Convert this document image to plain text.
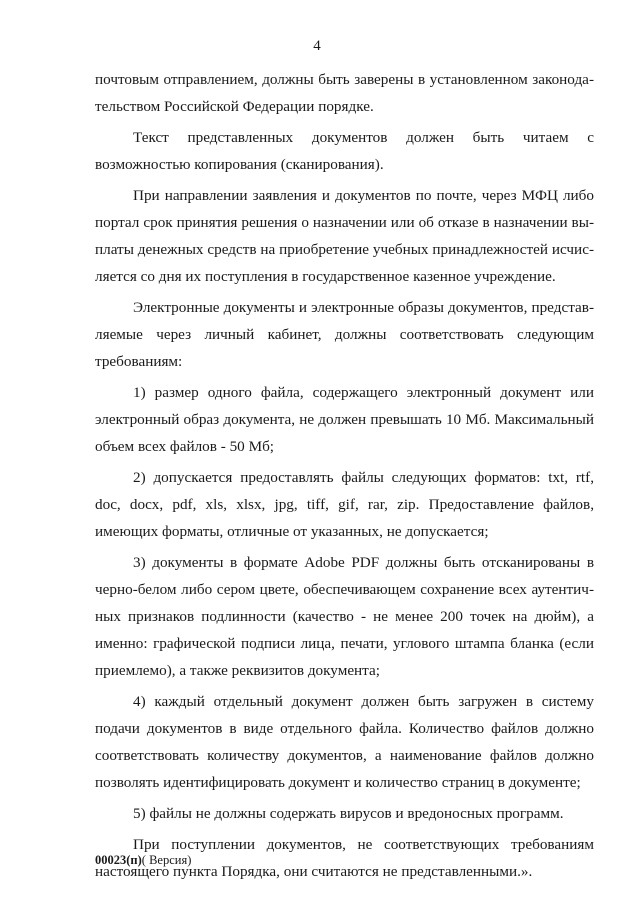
4

почтовым отправлением, должны быть заверены в установленном законодательством Российской Федерации порядке.

Текст представленных документов должен быть читаем с возможностью копирования (сканирования).

При направлении заявления и документов по почте, через МФЦ либо портал срок принятия решения о назначении или об отказе в назначении выплаты денежных средств на приобретение учебных принадлежностей исчисляется со дня их поступления в государственное казенное учреждение.

Электронные документы и электронные образы документов, представляемые через личный кабинет, должны соответствовать следующим требованиям:

1) размер одного файла, содержащего электронный документ или электронный образ документа, не должен превышать 10 Мб. Максимальный объем всех файлов - 50 Мб;

2) допускается предоставлять файлы следующих форматов: txt, rtf, doc, docx, pdf, xls, xlsx, jpg, tiff, gif, rar, zip. Предоставление файлов, имеющих форматы, отличные от указанных, не допускается;

3) документы в формате Adobe PDF должны быть отсканированы в черно-белом либо сером цвете, обеспечивающем сохранение всех аутентичных признаков подлинности (качество - не менее 200 точек на дюйм), а именно: графической подписи лица, печати, углового штампа бланка (если приемлемо), а также реквизитов документа;

4) каждый отдельный документ должен быть загружен в систему подачи документов в виде отдельного файла. Количество файлов должно соответствовать количеству документов, а наименование файлов должно позволять идентифицировать документ и количество страниц в документе;

5) файлы не должны содержать вирусов и вредоносных программ.

При поступлении документов, не соответствующих требованиям настоящего пункта Порядка, они считаются не представленными.».

00023(п)( Версия)
